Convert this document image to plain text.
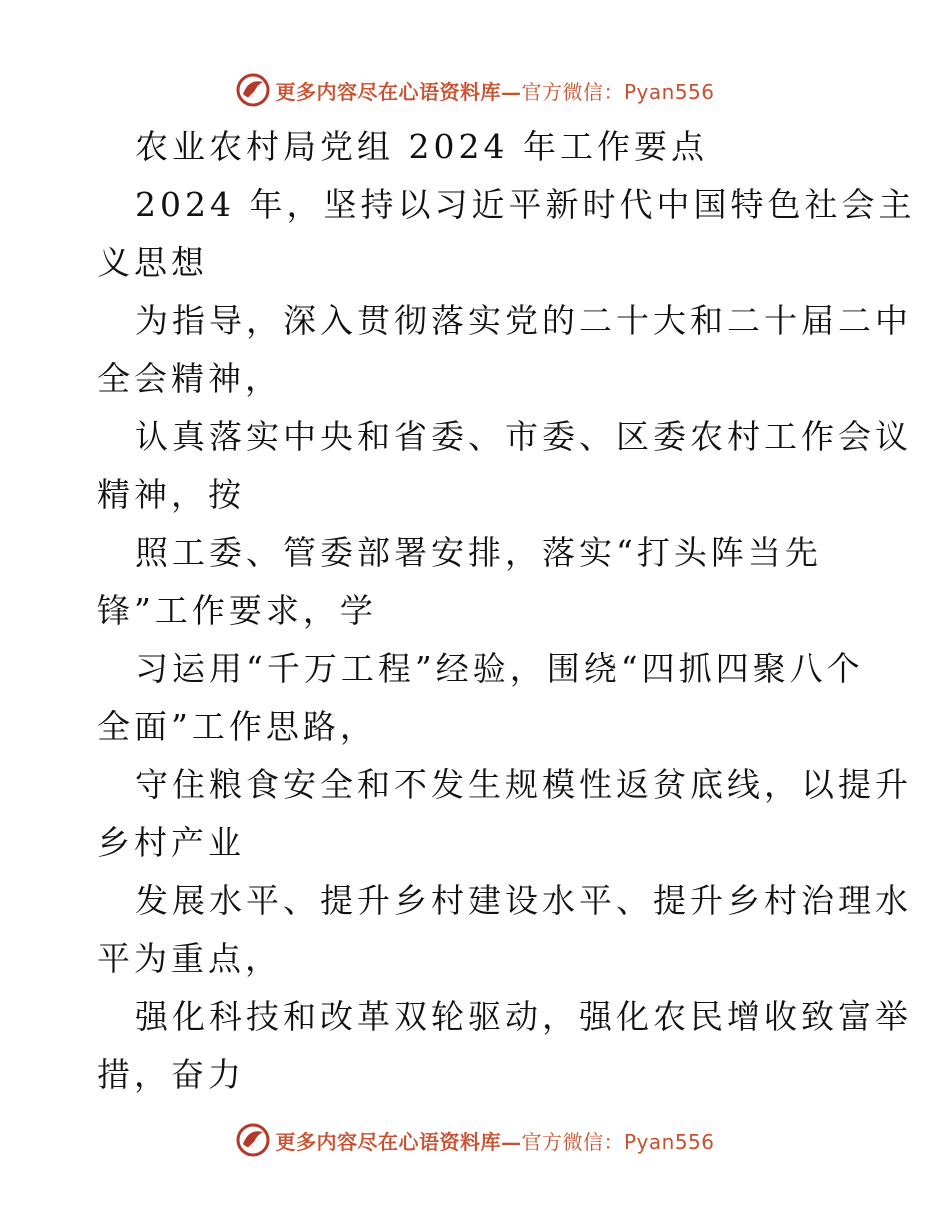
更多内容尽在心语资料库—官方微信：Pyan556
农业农村局党组 2024 年工作要点
2024 年，坚持以习近平新时代中国特色社会主
义思想
为指导，深入贯彻落实党的二十大和二十届二中
全会精神，
认真落实中央和省委、市委、区委农村工作会议
精神，按
照工委、管委部署安排，落实“打头阵当先
锋”工作要求，学
习运用“千万工程”经验，围绕“四抓四聚八个
全面”工作思路，
守住粮食安全和不发生规模性返贫底线，以提升
乡村产业
发展水平、提升乡村建设水平、提升乡村治理水
平为重点，
强化科技和改革双轮驱动，强化农民增收致富举
措，奋力
更多内容尽在心语资料库—官方微信：Pyan556
